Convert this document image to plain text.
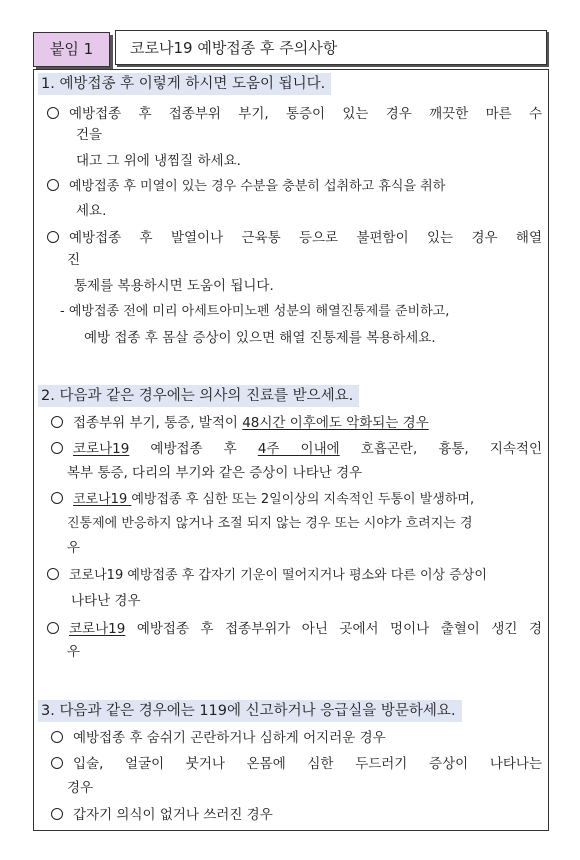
붙임 1	코로나19 예방접종 후 주의사항
1. 예방접종 후 이렇게 하시면 도움이 됩니다.
예방접종 후 접종부위 부기, 통증이 있는 경우 깨끗한 마른 수
건을
대고 그 위에 냉찜질 하세요.
예방접종 후 미열이 있는 경우 수분을 충분히 섭취하고 휴식을 취하
세요.
예방접종 후 발열이나 근육통 등으로 불편함이 있는 경우 해열
진
통제를 복용하시면 도움이 됩니다.
- 예방접종 전에 미리 아세트아미노펜 성분의 해열진통제를 준비하고,
예방 접종 후 몸살 증상이 있으면 해열 진통제를 복용하세요.
2. 다음과 같은 경우에는 의사의 진료를 받으세요.
접종부위 부기, 통증, 발적이 48시간 이후에도 악화되는 경우
코로나19 예방접종 후 4주 이내에 호흡곤란, 흉통, 지속적인
복부 통증, 다리의 부기와 같은 증상이 나타난 경우
코로나19 예방접종 후 심한 또는 2일이상의 지속적인 두통이 발생하며,
진통제에 반응하지 않거나 조절 되지 않는 경우 또는 시야가 흐려지는 경
우
코로나19 예방접종 후 갑자기 기운이 떨어지거나 평소와 다른 이상 증상이
나타난 경우
코로나19 예방접종 후 접종부위가 아닌 곳에서 멍이나 출혈이 생긴 경
우
3. 다음과 같은 경우에는 119에 신고하거나 응급실을 방문하세요.
예방접종 후 숨쉬기 곤란하거나 심하게 어지러운 경우
입술, 얼굴이 붓거나 온몸에 심한 두드러기 증상이 나타나는
경우
갑자기 의식이 없거나 쓰러진 경우
